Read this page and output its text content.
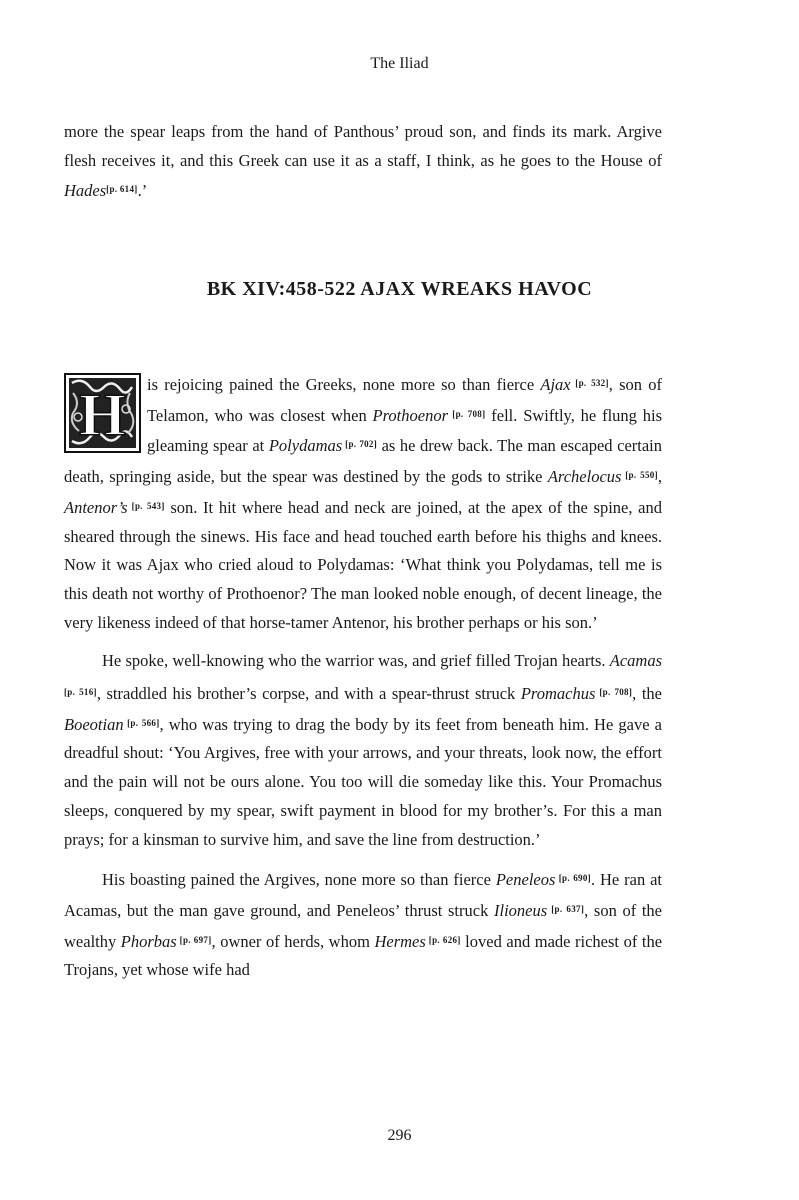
The Iliad

more the spear leaps from the hand of Panthous’ proud son, and finds its mark. Argive flesh receives it, and this Greek can use it as a staff, I think, as he goes to the House of Hades[p. 614].’

BK XIV:458-522 AJAX WREAKS HAVOC

H is rejoicing pained the Greeks, none more so than fierce Ajax [p. 532], son of Telamon, who was closest when Prothoenor [p. 708] fell. Swiftly, he flung his gleaming spear at Polydamas [p. 702] as he drew back. The man escaped certain death, springing aside, but the spear was destined by the gods to strike Archelocus [p. 550], Antenor’s [p. 543] son. It hit where head and neck are joined, at the apex of the spine, and sheared through the sinews. His face and head touched earth before his thighs and knees. Now it was Ajax who cried aloud to Polydamas: ‘What think you Polydamas, tell me is this death not worthy of Prothoenor? The man looked noble enough, of decent lineage, the very likeness indeed of that horse-tamer Antenor, his brother perhaps or his son.’

He spoke, well-knowing who the warrior was, and grief filled Trojan hearts. Acamas [p. 516], straddled his brother’s corpse, and with a spear-thrust struck Promachus [p. 708], the Boeotian [p. 566], who was trying to drag the body by its feet from beneath him. He gave a dreadful shout: ‘You Argives, free with your arrows, and your threats, look now, the effort and the pain will not be ours alone. You too will die someday like this. Your Promachus sleeps, conquered by my spear, swift payment in blood for my brother’s. For this a man prays; for a kinsman to survive him, and save the line from destruction.’

His boasting pained the Argives, none more so than fierce Peneleos [p. 690]. He ran at Acamas, but the man gave ground, and Peneleos’ thrust struck Ilioneus [p. 637], son of the wealthy Phorbas [p. 697], owner of herds, whom Hermes [p. 626] loved and made richest of the Trojans, yet whose wife had

296
